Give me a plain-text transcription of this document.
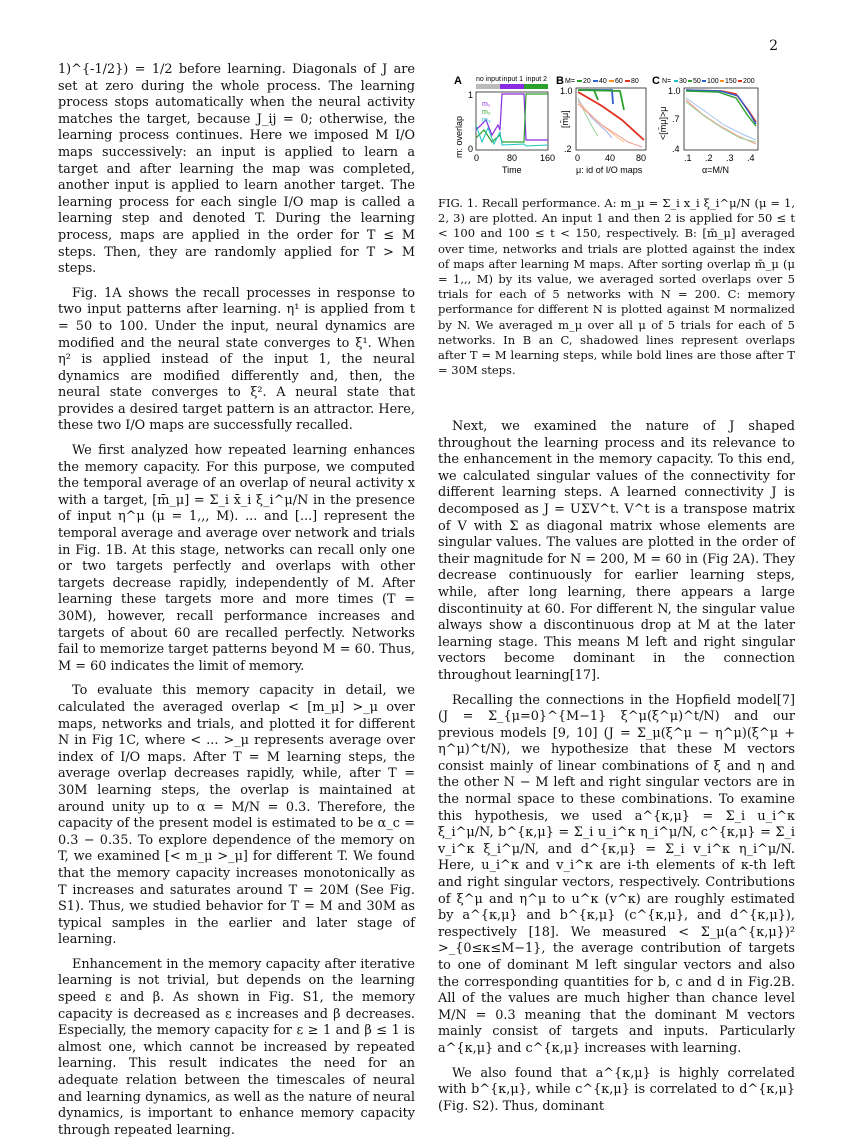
2

1)^{-1/2}) = 1/2 before learning. Diagonals of J are set at zero during the whole process. The learning process stops automatically when the neural activity matches the target, because J_ij = 0; otherwise, the learning process continues. Here we imposed M I/O maps successively: an input is applied to learn a target and after learning the map was completed, another input is applied to learn another target. The learning process for each single I/O map is called a learning step and denoted T. During the learning process, maps are applied in the order for T ≤ M steps. Then, they are randomly applied for T > M steps.

Fig. 1A shows the recall processes in response to two input patterns after learning. η¹ is applied from t = 50 to 100. Under the input, neural dynamics are modified and the neural state converges to ξ¹. When η² is applied instead of the input 1, the neural dynamics are modified differently and, then, the neural state converges to ξ². A neural state that provides a desired target pattern is an attractor. Here, these two I/O maps are successfully recalled.

We first analyzed how repeated learning enhances the memory capacity. For this purpose, we computed the temporal average of an overlap of neural activity x with a target, [m̄_μ] = Σ_i x̄_i ξ_i^μ/N in the presence of input η^μ (μ = 1,,, M). ... and [...] represent the temporal average and average over network and trials in Fig. 1B. At this stage, networks can recall only one or two targets perfectly and overlaps with other targets decrease rapidly, independently of M. After learning these targets more and more times (T = 30M), however, recall performance increases and targets of about 60 are recalled perfectly. Networks fail to memorize target patterns beyond M = 60. Thus, M = 60 indicates the limit of memory.

To evaluate this memory capacity in detail, we calculated the averaged overlap < [m_μ] >_μ over maps, networks and trials, and plotted it for different N in Fig 1C, where < ... >_μ represents average over index of I/O maps. After T = M learning steps, the average overlap decreases rapidly, while, after T = 30M learning steps, the overlap is maintained at around unity up to α = M/N = 0.3. Therefore, the capacity of the present model is estimated to be α_c = 0.3 − 0.35. To explore dependence of the memory on T, we examined [< m_μ >_μ] for different T. We found that the memory capacity increases monotonically as T increases and saturates around T = 20M (See Fig. S1). Thus, we studied behavior for T = M and 30M as typical samples in the earlier and later stage of learning.

Enhancement in the memory capacity after iterative learning is not trivial, but depends on the learning speed ε and β. As shown in Fig. S1, the memory capacity is decreased as ε increases and β decreases. Especially, the memory capacity for ε ≥ 1 and β ≤ 1 is almost one, which cannot be increased by repeated learning. This result indicates the need for an adequate relation between the timescales of neural and learning dynamics, as well as the nature of neural dynamics, is important to enhance memory capacity through repeated learning.

A no input input 1 input 2
m₁
m₂
m₃
1
0
m: overlap 0	80	160
Time
B M= 20 40 60 80
1.0
.2
[m̄μ]
0	40 80
μ: id of I/O maps
C N= 30 50 100 150 200
1.0
.7
.4
<[m̄μ]>μ
.1 .2 .3 .4
α=M/N
FIG. 1. Recall performance. A: m_μ = Σ_i x_i ξ_i^μ/N (μ = 1, 2, 3) are plotted. An input 1 and then 2 is applied for 50 ≤ t < 100 and 100 ≤ t < 150, respectively. B: [m̄_μ] averaged over time, networks and trials are plotted against the index of maps after learning M maps. After sorting overlap m̄_μ (μ = 1,,, M) by its value, we averaged sorted overlaps over 5 trials for each of 5 networks with N = 200. C: memory performance for different N is plotted against M normalized by N. We averaged m_μ over all μ of 5 trials for each of 5 networks. In B an C, shadowed lines represent overlaps after T = M learning steps, while bold lines are those after T = 30M steps.

Next, we examined the nature of J shaped throughout the learning process and its relevance to the enhancement in the memory capacity. To this end, we calculated singular values of the connectivity for different learning steps. A learned connectivity J is decomposed as J = UΣV^t. V^t is a transpose matrix of V with Σ as diagonal matrix whose elements are singular values. The values are plotted in the order of their magnitude for N = 200, M = 60 in (Fig 2A). They decrease continuously for earlier learning steps, while, after long learning, there appears a large discontinuity at 60. For different N, the singular value always show a discontinuous drop at M at the later learning stage. This means M left and right singular vectors become dominant in the connection throughout learning[17].

Recalling the connections in the Hopfield model[7] (J = Σ_{μ=0}^{M−1} ξ^μ(ξ^μ)^t/N) and our previous models [9, 10] (J = Σ_μ(ξ^μ − η^μ)(ξ^μ + η^μ)^t/N), we hypothesize that these M vectors consist mainly of linear combinations of ξ and η and the other N − M left and right singular vectors are in the normal space to these combinations. To examine this hypothesis, we used a^{κ,μ} = Σ_i u_i^κ ξ_i^μ/N, b^{κ,μ} = Σ_i u_i^κ η_i^μ/N, c^{κ,μ} = Σ_i v_i^κ ξ_i^μ/N, and d^{κ,μ} = Σ_i v_i^κ η_i^μ/N. Here, u_i^κ and v_i^κ are i-th elements of κ-th left and right singular vectors, respectively. Contributions of ξ^μ and η^μ to u^κ (v^κ) are roughly estimated by a^{κ,μ} and b^{κ,μ} (c^{κ,μ}, and d^{κ,μ}), respectively [18]. We measured < Σ_μ(a^{κ,μ})² >_{0≤κ≤M−1}, the average contribution of targets to one of dominant M left singular vectors and also the corresponding quantities for b, c and d in Fig.2B. All of the values are much higher than chance level M/N = 0.3 meaning that the dominant M vectors mainly consist of targets and inputs. Particularly a^{κ,μ} and c^{κ,μ} increases with learning.

We also found that a^{κ,μ} is highly correlated with b^{κ,μ}, while c^{κ,μ} is correlated to d^{κ,μ} (Fig. S2). Thus, dominant
